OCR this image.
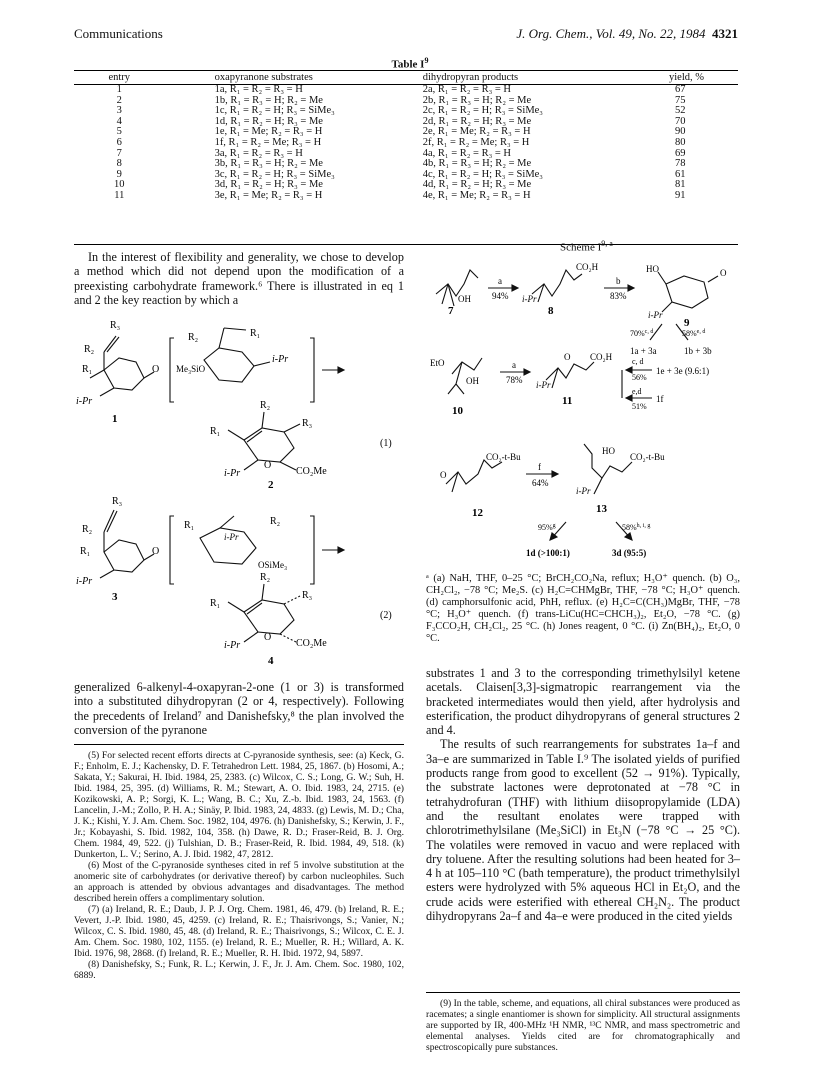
Communications	J. Org. Chem., Vol. 49, No. 22, 1984 4321
Table $I^9$
entry	oxapyranone substrates	dihydropyran products	yield, %
1	1a, R₁ = R₂ = R₃ = H	2a, R₁ = R₂ = R₃ = H	67
2	1b, R₁ = R₃ = H; R₂ = Me	2b, R₁ = R₃ = H; R₂ = Me	75
3	1c, R₁ = R₂ = H; R₃ = SiMe₃	2c, R₁ = R₂ = H; R₃ = SiMe₃	52
4	1d, R₁ = R₂ = H; R₃ = Me	2d, R₁ = R₂ = H; R₃ = Me	70
5	1e, R₁ = Me; R₂ = R₃ = H	2e, R₁ = Me; R₂ = R₃ = H	90
6	1f, R₁ = R₂ = Me; R₃ = H	2f, R₁ = R₂ = Me; R₃ = H	80
7	3a, R₁ = R₂ = R₃ = H	4a, R₁ = R₂ = R₃ = H	69
8	3b, R₁ = R₃ = H; R₂ = Me	4b, R₁ = R₃ = H; R₂ = Me	78
9	3c, R₁ = R₂ = H; R₃ = SiMe₃	4c, R₁ = R₂ = H; R₃ = SiMe₃	61
10	3d, R₁ = R₂ = H; R₃ = Me	4d, R₁ = R₂ = H; R₃ = Me	81
11	3e, R₁ = Me; R₂ = R₃ = H	4e, R₁ = Me; R₂ = R₃ = H	91

In the interest of flexibility and generality, we chose to develop a method which did not depend upon the modification of a preexisting carbohydrate framework.⁶ There is illustrated in eq 1 and 2 the key reaction by which a

R₃
R₂
R₁
i-Pr
O
1
R₂	R₁
Me₃SiO
i-Pr
R₂
R₁
R₃
i-Pr
O
CO₂Me
2
(1)
R₃
R₂
R₁
i-Pr
O
3
R₁	R₂
i-Pr
OSiMe₃
R₂
R₁
R₃
i-Pr
O
CO₂Me
4
(2)

generalized 6-alkenyl-4-oxapyran-2-one (1 or 3) is transformed into a substituted dihydropyran (2 or 4, respectively). Following the precedents of Ireland⁷ and Danishefsky,⁸ the plan involved the conversion of the pyranone

(5) For selected recent efforts directs at C-pyranoside synthesis, see: (a) Keck, G. F.; Enholm, E. J.; Kachensky, D. F. Tetrahedron Lett. 1984, 25, 1867. (b) Hosomi, A.; Sakata, Y.; Sakurai, H. Ibid. 1984, 25, 2383. (c) Wilcox, C. S.; Long, G. W.; Suh, H. Ibid. 1984, 25, 395. (d) Williams, R. M.; Stewart, A. O. Ibid. 1983, 24, 2715. (e) Kozikowski, A. P.; Sorgi, K. L.; Wang, B. C.; Xu, Z.-b. Ibid. 1983, 24, 1563. (f) Lancelin, J.-M.; Zollo, P. H. A.; Sinäy, P. Ibid. 1983, 24, 4833. (g) Lewis, M. D.; Cha, J. K.; Kishi, Y. J. Am. Chem. Soc. 1982, 104, 4976. (h) Danishefsky, S.; Kerwin, J. F., Jr.; Kobayashi, S. Ibid. 1982, 104, 358. (h) Dawe, R. D.; Fraser-Reid, B. J. Org. Chem. 1984, 49, 522. (j) Tulshian, D. B.; Fraser-Reid, R. Ibid. 1984, 49, 518. (k) Dunkerton, L. V.; Serino, A. J. Ibid. 1982, 47, 2812.

(6) Most of the C-pyranoside syntheses cited in ref 5 involve substitution at the anomeric site of carbohydrates (or derivative thereof) by carbon nucleophiles. Such an approach is attended by obvious advantages and disadvantages. The method described herein offers a complimentary solution.

(7) (a) Ireland, R. E.; Daub, J. P. J. Org. Chem. 1981, 46, 479. (b) Ireland, R. E.; Vevert, J.-P. Ibid. 1980, 45, 4259. (c) Ireland, R. E.; Thaisrivongs, S.; Vanier, N.; Wilcox, C. S. Ibid. 1980, 45, 48. (d) Ireland, R. E.; Thaisrivongs, S.; Wilcox, C. E. J. Am. Chem. Soc. 1980, 102, 1155. (e) Ireland, R. E.; Mueller, R. H.; Willard, A. K. Ibid. 1976, 98, 2868. (f) Ireland, R. E.; Mueller, R. H. Ibid. 1972, 94, 5897.

(8) Danishefsky, S.; Funk, R. L.; Kerwin, J. F., Jr. J. Am. Chem. Soc. 1980, 102, 6889.

Scheme I$^{9, a}$
7
OH
a
94%
CO₂H
i-Pr
8
b
83%
HO	O
i-Pr
9
70%$^{c, d}$	58%$^{e, d}$
1a + 3a	1b + 3b
EtO
OH
10
a
78%
O CO₂H
i-Pr
11
c, d
56%
1e + 3e (9.6:1)
e,d
51%
1f
O
CO₂-t-Bu
12
f
64%
HO
CO₂-t-Bu
i-Pr
13
95%$^g$	58%$^{h, i, g}$
1d (>100:1)	3d (95:5)
ᵃ (a) NaH, THF, 0–25 °C; BrCH₂CO₂Na, reflux; H₃O⁺ quench. (b) O₃, CH₂Cl₂, −78 °C; Me₂S. (c) H₂C=CHMgBr, THF, −78 °C; H₃O⁺ quench. (d) camphorsulfonic acid, PhH, reflux. (e) H₂C=C(CH₃)MgBr, THF, −78 °C; H₃O⁺ quench. (f) trans-LiCu(HC=CHCH₃)₂, Et₂O, −78 °C. (g) F₃CCO₂H, CH₂Cl₂, 25 °C. (h) Jones reagent, 0 °C. (i) Zn(BH₄)₂, Et₂O, 0 °C.

substrates 1 and 3 to the corresponding trimethylsilyl ketene acetals. Claisen[3,3]-sigmatropic rearrangement via the bracketed intermediates would then yield, after hydrolysis and esterification, the product dihydropyrans of general structures 2 and 4.

The results of such rearrangements for substrates 1a–f and 3a–e are summarized in Table I.⁹ The isolated yields of purified products range from good to excellent (52 → 91%). Typically, the substrate lactones were deprotonated at −78 °C in tetrahydrofuran (THF) with lithium diisopropylamide (LDA) and the resultant enolates were trapped with chlorotrimethylsilane (Me₃SiCl) in Et₃N (−78 °C → 25 °C). The volatiles were removed in vacuo and were replaced with dry toluene. After the resulting solutions had been heated for 3–4 h at 105–110 °C (bath temperature), the product trimethylsilyl esters were hydrolyzed with 5% aqueous HCl in Et₂O, and the crude acids were esterified with ethereal CH₂N₂. The product dihydropyrans 2a–f and 4a–e were produced in the cited yields

(9) In the table, scheme, and equations, all chiral substances were produced as racemates; a single enantiomer is shown for simplicity. All structural assignments are supported by IR, 400-MHz ¹H NMR, ¹³C NMR, and mass spectrometric and elemental analyses. Yields cited are for chromatographically and spectroscopically pure substances.
